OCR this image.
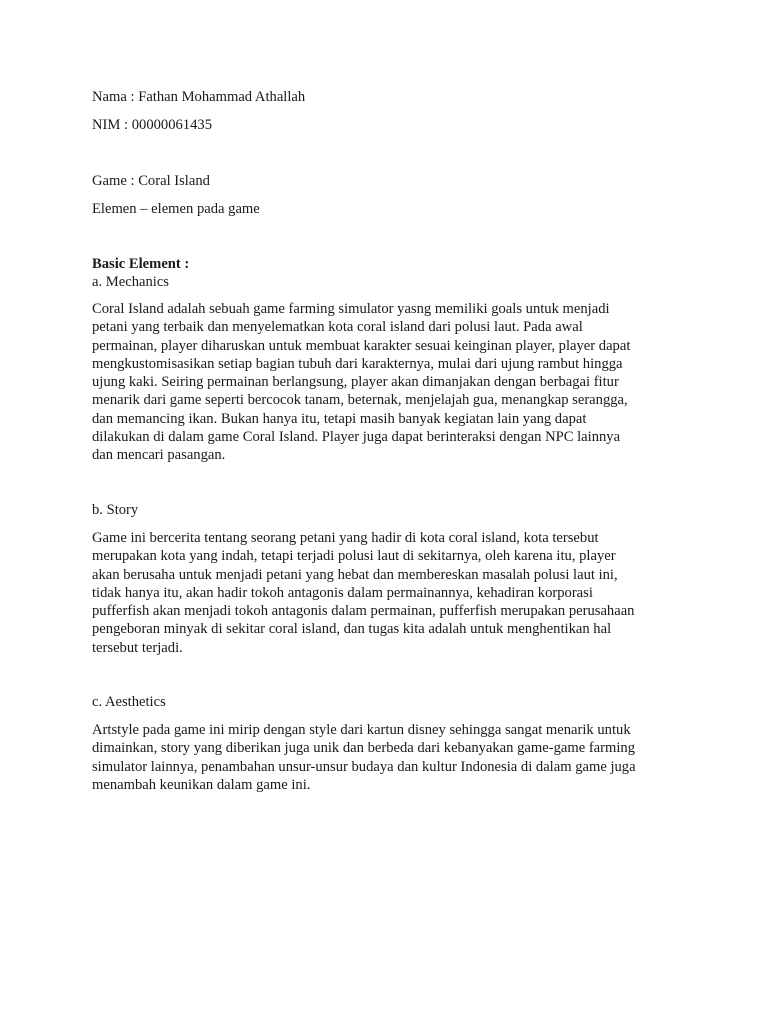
Nama : Fathan Mohammad Athallah

NIM : 00000061435

Game : Coral Island

Elemen – elemen pada game

Basic Element :

a. Mechanics

Coral Island adalah sebuah game farming simulator yasng memiliki goals untuk menjadi
petani yang terbaik dan menyelematkan kota coral island dari polusi laut. Pada awal
permainan, player diharuskan untuk membuat karakter sesuai keinginan player, player dapat
mengkustomisasikan setiap bagian tubuh dari karakternya, mulai dari ujung rambut hingga
ujung kaki. Seiring permainan berlangsung, player akan dimanjakan dengan berbagai fitur
menarik dari game seperti bercocok tanam, beternak, menjelajah gua, menangkap serangga,
dan memancing ikan. Bukan hanya itu, tetapi masih banyak kegiatan lain yang dapat
dilakukan di dalam game Coral Island. Player juga dapat berinteraksi dengan NPC lainnya
dan mencari pasangan.

b. Story

Game ini bercerita tentang seorang petani yang hadir di kota coral island, kota tersebut
merupakan kota yang indah, tetapi terjadi polusi laut di sekitarnya, oleh karena itu, player
akan berusaha untuk menjadi petani yang hebat dan membereskan masalah polusi laut ini,
tidak hanya itu, akan hadir tokoh antagonis dalam permainannya, kehadiran korporasi
pufferfish akan menjadi tokoh antagonis dalam permainan, pufferfish merupakan perusahaan
pengeboran minyak di sekitar coral island, dan tugas kita adalah untuk menghentikan hal
tersebut terjadi.

c. Aesthetics

Artstyle pada game ini mirip dengan style dari kartun disney sehingga sangat menarik untuk
dimainkan, story yang diberikan juga unik dan berbeda dari kebanyakan game-game farming
simulator lainnya, penambahan unsur-unsur budaya dan kultur Indonesia di dalam game juga
menambah keunikan dalam game ini.
